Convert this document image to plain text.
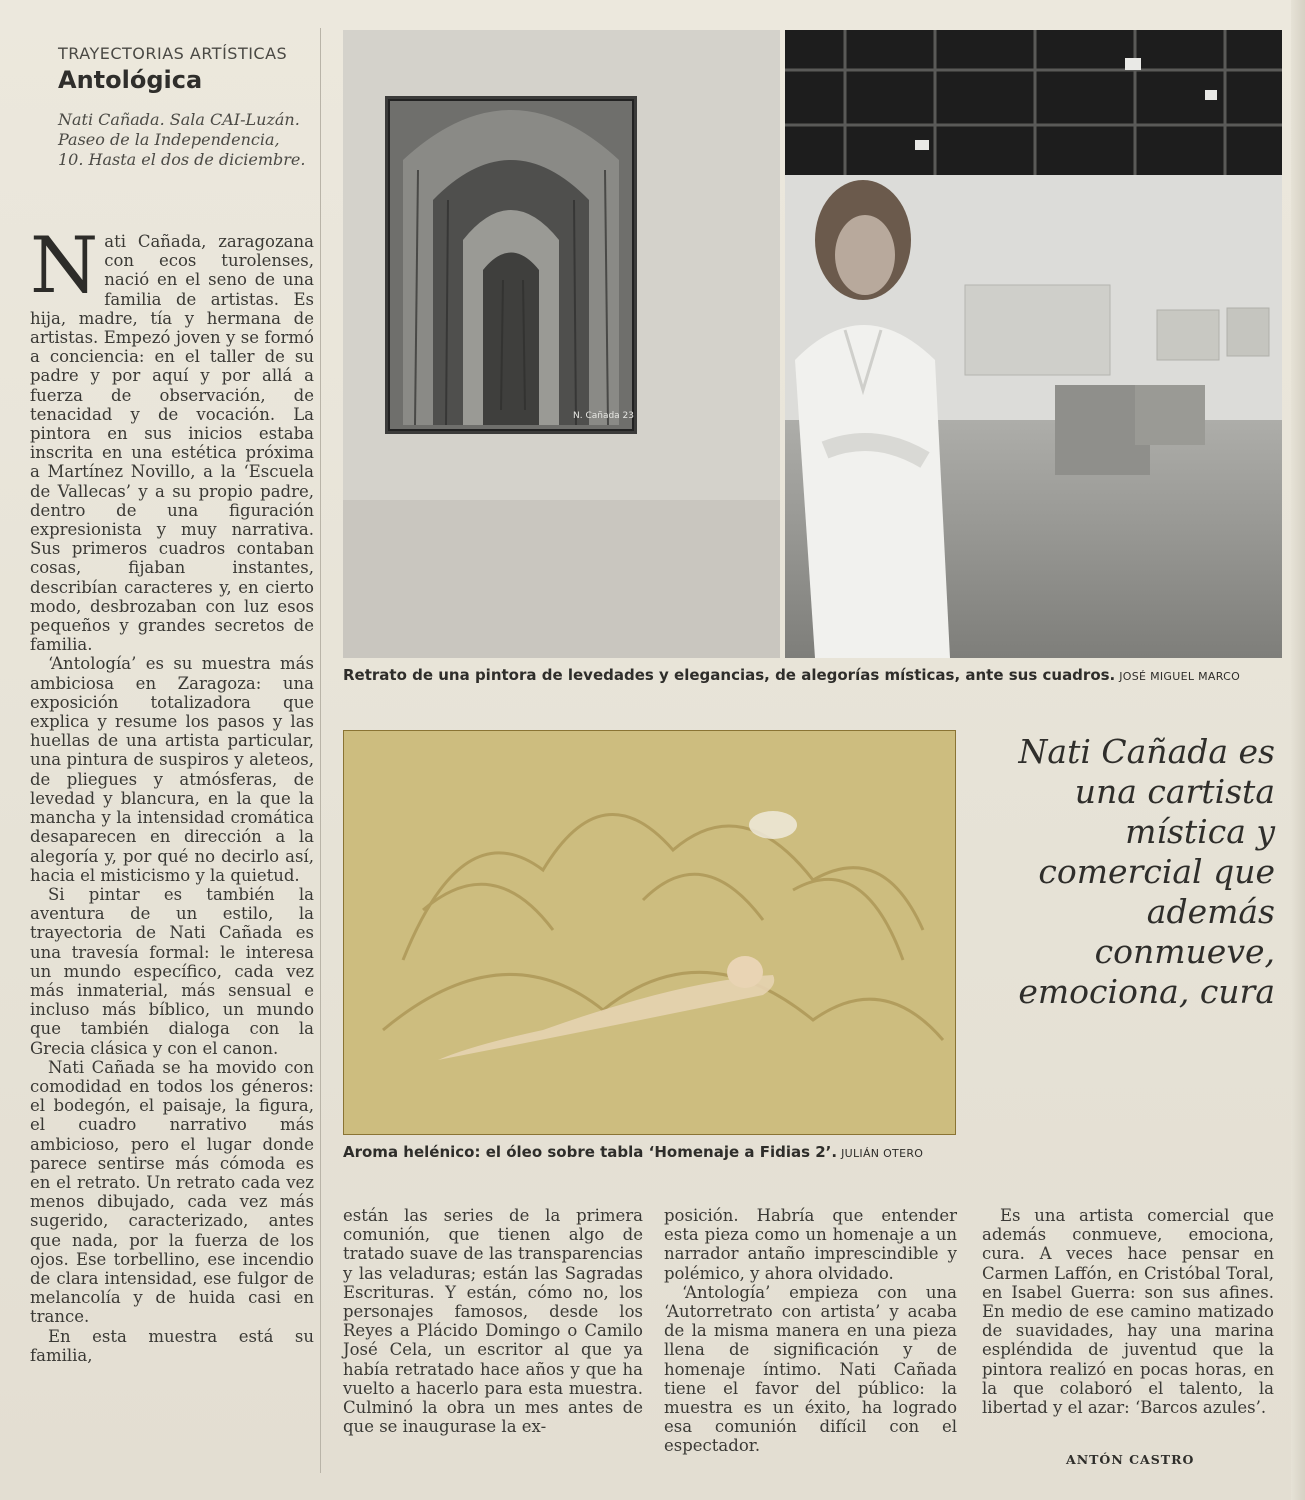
TRAYECTORIAS ARTÍSTICAS
Antológica
Nati Cañada. Sala CAI-Luzán. Paseo de la Independencia, 10. Hasta el dos de diciembre.

Nati Cañada, zaragozana con ecos turolenses, nació en el seno de una familia de artistas. Es hija, madre, tía y hermana de artistas. Empezó joven y se formó a conciencia: en el taller de su padre y por aquí y por allá a fuerza de observación, de tenacidad y de vocación. La pintora en sus inicios estaba inscrita en una estética próxima a Martínez Novillo, a la ‘Escuela de Vallecas’ y a su propio padre, dentro de una figuración expresionista y muy narrativa. Sus primeros cuadros contaban cosas, fijaban instantes, describían caracteres y, en cierto modo, desbrozaban con luz esos pequeños y grandes secretos de familia.

‘Antología’ es su muestra más ambiciosa en Zaragoza: una exposición totalizadora que explica y resume los pasos y las huellas de una artista particular, una pintura de suspiros y aleteos, de pliegues y atmósferas, de levedad y blancura, en la que la mancha y la intensidad cromática desaparecen en dirección a la alegoría y, por qué no decirlo así, hacia el misticismo y la quietud.

Si pintar es también la aventura de un estilo, la trayectoria de Nati Cañada es una travesía formal: le interesa un mundo específico, cada vez más inmaterial, más sensual e incluso más bíblico, un mundo que también dialoga con la Grecia clásica y con el canon.

Nati Cañada se ha movido con comodidad en todos los géneros: el bodegón, el paisaje, la figura, el cuadro narrativo más ambicioso, pero el lugar donde parece sentirse más cómoda es en el retrato. Un retrato cada vez menos dibujado, cada vez más sugerido, caracterizado, antes que nada, por la fuerza de los ojos. Ese torbellino, ese incendio de clara intensidad, ese fulgor de melancolía y de huida casi en trance.

En esta muestra está su familia,

N. Cañada 23
Retrato de una pintora de levedades y elegancias, de alegorías místicas, ante sus cuadros. JOSÉ MIGUEL MARCO
Aroma helénico: el óleo sobre tabla ‘Homenaje a Fidias 2’. JULIÁN OTERO
Nati Cañada es una cartista mística y comercial que además conmueve, emociona, cura

están las series de la primera comunión, que tienen algo de tratado suave de las transparencias y las veladuras; están las Sagradas Escrituras. Y están, cómo no, los personajes famosos, desde los Reyes a Plácido Domingo o Camilo José Cela, un escritor al que ya había retratado hace años y que ha vuelto a hacerlo para esta muestra. Culminó la obra un mes antes de que se inaugurase la ex-

posición. Habría que entender esta pieza como un homenaje a un narrador antaño imprescindible y polémico, y ahora olvidado.

‘Antología’ empieza con una ‘Autorretrato con artista’ y acaba de la misma manera en una pieza llena de significación y de homenaje íntimo. Nati Cañada tiene el favor del público: la muestra es un éxito, ha logrado esa comunión difícil con el espectador.

Es una artista comercial que además conmueve, emociona, cura. A veces hace pensar en Carmen Laffón, en Cristóbal Toral, en Isabel Guerra: son sus afines. En medio de ese camino matizado de suavidades, hay una marina espléndida de juventud que la pintora realizó en pocas horas, en la que colaboró el talento, la libertad y el azar: ‘Barcos azules’.

ANTÓN CASTRO
